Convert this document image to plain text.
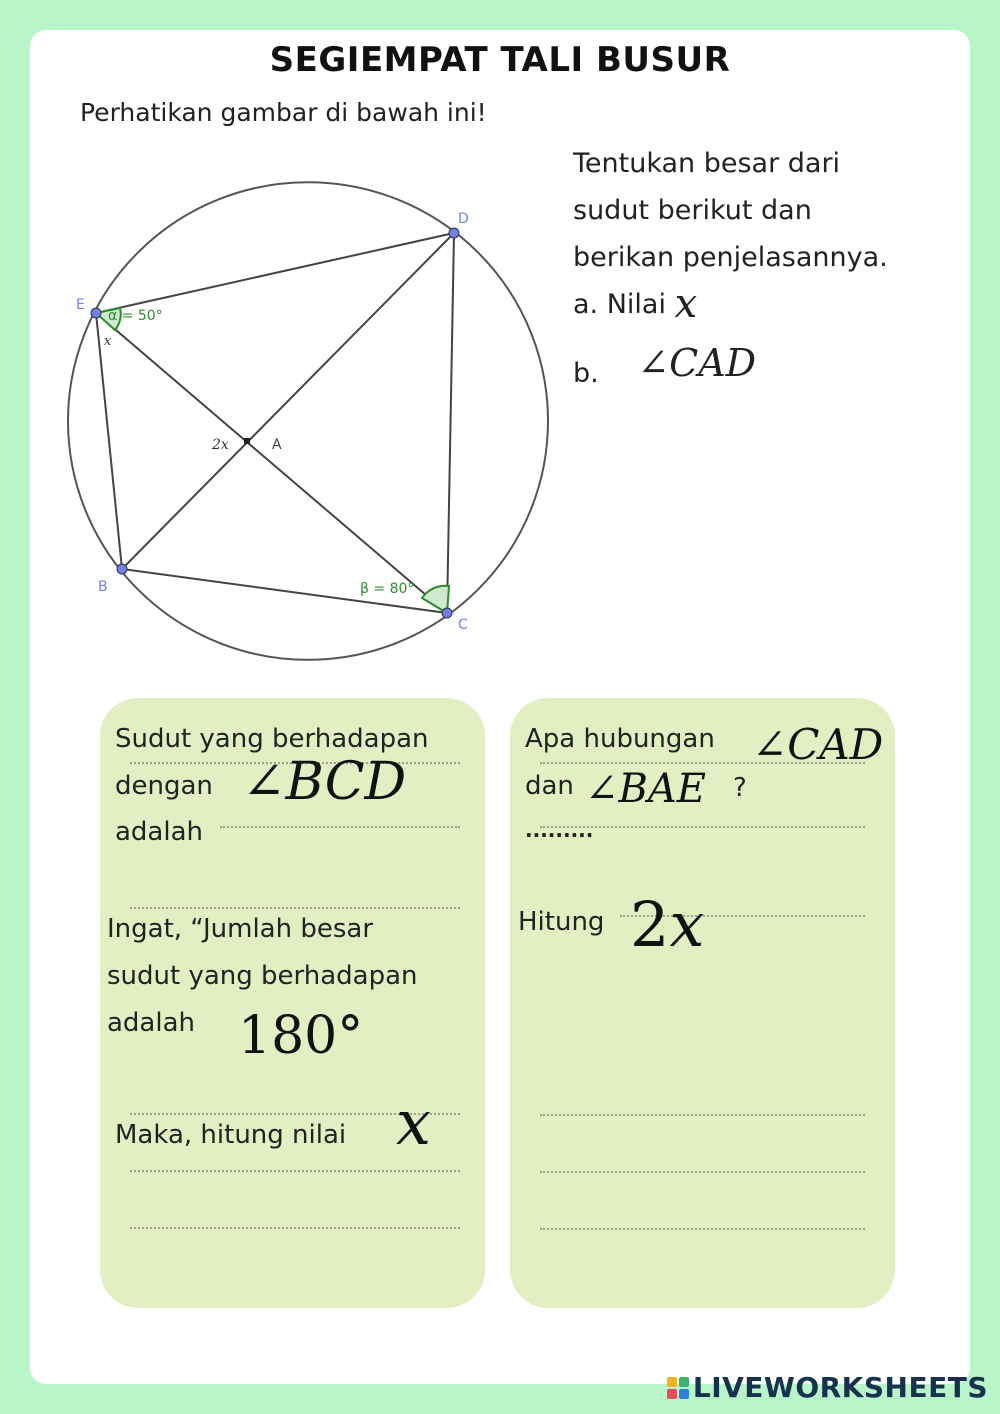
SEGIEMPAT TALI BUSUR
Perhatikan gambar di bawah ini!
Tentukan besar dari
sudut berikut dan
berikan penjelasannya.
a. Nilai x
b. ∠CAD
D
E
A
B
C
α = 50°
β = 80°
x
2x
Sudut yang berhadapan
dengan ∠BCD
adalah
Ingat, “Jumlah besar
sudut yang berhadapan
adalah 180°
Maka, hitung nilai x
Apa hubungan ∠CAD
dan ∠BAE ?
.........
Hitung 2x
LIVEWORKSHEETS
